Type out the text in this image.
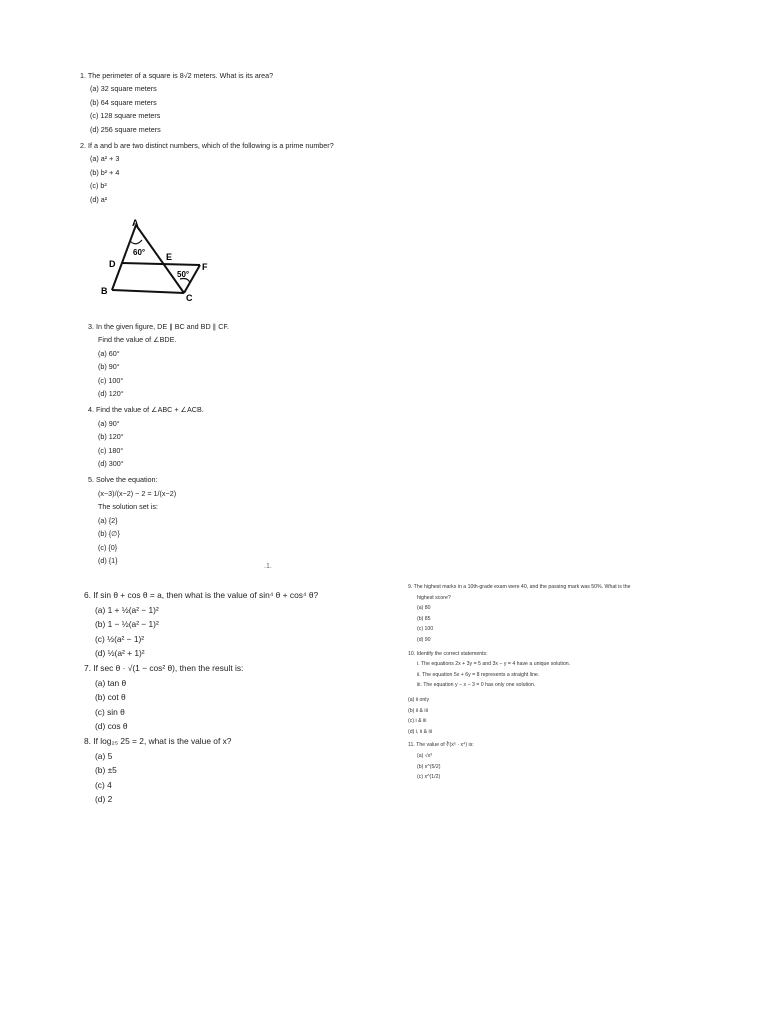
1. The perimeter of a square is 8√2 meters. What is its area?
(a) 32 square meters
(b) 64 square meters
(c) 128 square meters
(d) 256 square meters
2. If a and b are two distinct numbers, which of the following is a prime number?
(a) a² + 3
(b) b² + 4
(c) b²
(d) a²
A
60°
D
E
F
50°
B
C
3. In the given figure, DE ∥ BC and BD ∥ CF.
Find the value of ∠BDE.
(a) 60°
(b) 90°
(c) 100°
(d) 120°
4. Find the value of ∠ABC + ∠ACB.
(a) 90°
(b) 120°
(c) 180°
(d) 300°
5. Solve the equation:
(x−3)/(x−2) − 2 = 1/(x−2)
The solution set is:
(a) {2}
(b) {∅}
(c) {0}
(d) {1}
.1.
6. If sin θ + cos θ = a, then what is the value of sin⁴ θ + cos⁴ θ?
(a) 1 + ½(a² − 1)²
(b) 1 − ½(a² − 1)²
(c) ½(a² − 1)²
(d) ½(a² + 1)²
7. If sec θ · √(1 − cos² θ), then the result is:
(a) tan θ
(b) cot θ
(c) sin θ
(d) cos θ
8. If log₂₅ 25 = 2, what is the value of x?
(a) 5
(b) ±5
(c) 4
(d) 2
9. The highest marks in a 10th-grade exam were 40, and the passing mark was 50%. What is the
highest score?
(a) 80
(b) 85
(c) 100
(d) 90
10. Identify the correct statements:
i. The equations 2x + 3y = 5 and 3x − y = 4 have a unique solution.
ii. The equation 5x + 6y = 8 represents a straight line.
iii. The equation y − x − 3 = 0 has only one solution.
(a) ii only
(b) ii & iii
(c) i & iii
(d) i, ii & iii
11. The value of ∛(x⁵ · x⁴) is:
(a) √x³
(b) x^(5/2)
(c) x^(1/2)
